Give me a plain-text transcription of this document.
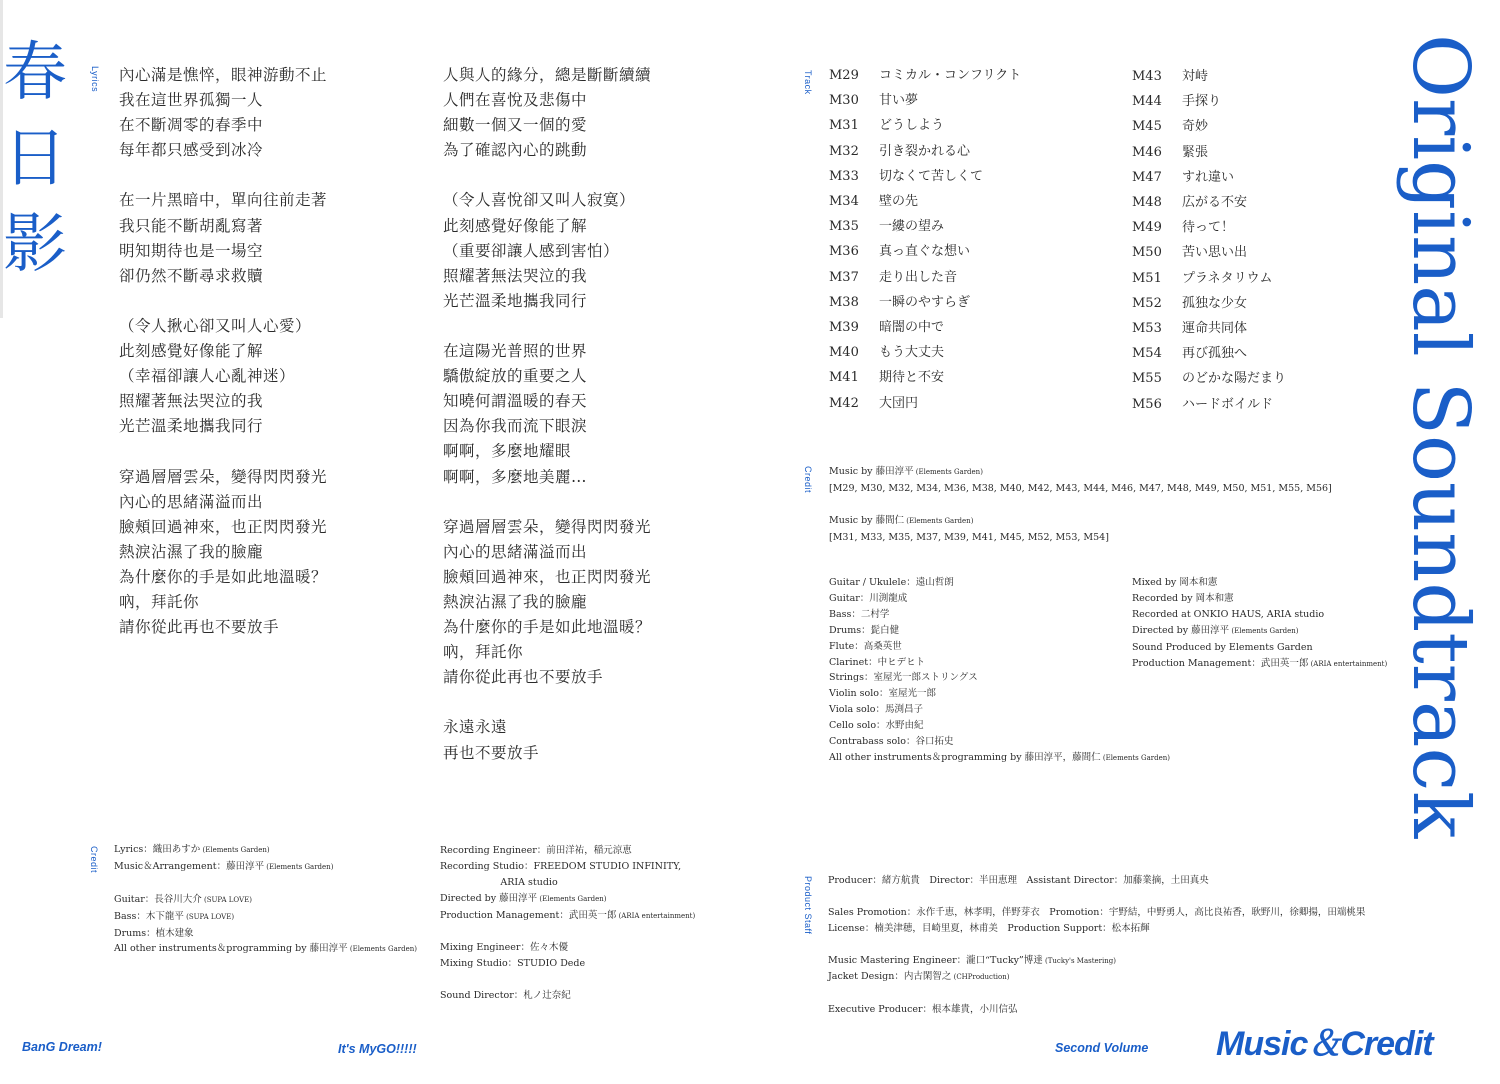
春日影
Lyrics 內心滿是憔悴，眼神游動不止
我在這世界孤獨一人
在不斷凋零的春季中
每年都只感受到冰冷

在一片黑暗中，單向往前走著
我只能不斷胡亂寫著
明知期待也是一場空
卻仍然不斷尋求救贖

（令人揪心卻又叫人心愛）
此刻感覺好像能了解
（幸福卻讓人心亂神迷）
照耀著無法哭泣的我
光芒溫柔地攜我同行

穿過層層雲朵，變得閃閃發光
內心的思緒滿溢而出
臉頰回過神來，也正閃閃發光
熱淚沾濕了我的臉龐
為什麼你的手是如此地溫暖？
吶，拜託你
請你從此再也不要放手
人與人的緣分，總是斷斷續續
人們在喜悅及悲傷中
細數一個又一個的愛
為了確認內心的跳動

（令人喜悅卻又叫人寂寞）
此刻感覺好像能了解
（重要卻讓人感到害怕）
照耀著無法哭泣的我
光芒溫柔地攜我同行

在這陽光普照的世界
驕傲綻放的重要之人
知曉何謂溫暖的春天
因為你我而流下眼淚
啊啊，多麼地耀眼
啊啊，多麼地美麗…

穿過層層雲朵，變得閃閃發光
內心的思緒滿溢而出
臉頰回過神來，也正閃閃發光
熱淚沾濕了我的臉龐
為什麼你的手是如此地溫暖？
吶，拜託你
請你從此再也不要放手

永遠永遠
再也不要放手
Credit Lyrics：織田あすか (Elements Garden)
Music＆Arrangement：藤田淳平 (Elements Garden)

Guitar：長谷川大介 (SUPA LOVE)
Bass：木下龍平 (SUPA LOVE)
Drums：植木建象
All other instruments＆programming by 藤田淳平 (Elements Garden)
Recording Engineer：前田洋祐，稲元涼恵
Recording Studio：FREEDOM STUDIO INFINITY,
ARIA studio
Directed by 藤田淳平 (Elements Garden)
Production Management：武田英一郎 (ARIA entertainment)

Mixing Engineer：佐々木優
Mixing Studio：STUDIO Dede

Sound Director：札ノ辻奈紀
Track M29	コミカル・コンフリクト
M30	甘い夢
M31	どうしよう
M32	引き裂かれる心
M33	切なくて苦しくて
M34	壁の先
M35	一縷の望み
M36	真っ直ぐな想い
M37	走り出した音
M38	一瞬のやすらぎ
M39	暗闇の中で
M40	もう大丈夫
M41	期待と不安
M42	大団円
M43	対峙
M44	手探り
M45	奇妙
M46	緊張
M47	すれ違い
M48	広がる不安
M49	待って！
M50	苦い思い出
M51	プラネタリウム
M52	孤独な少女
M53	運命共同体
M54	再び孤独へ
M55	のどかな陽だまり
M56	ハードボイルド
Credit Music by 藤田淳平 (Elements Garden)
[M29, M30, M32, M34, M36, M38, M40, M42, M43, M44, M46, M47, M48, M49, M50, M51, M55, M56]

Music by 藤間仁 (Elements Garden)
[M31, M33, M35, M37, M39, M41, M45, M52, M53, M54]
Guitar / Ukulele：遠山哲朗
Guitar：川渕龍成
Bass：二村学
Drums：髭白健
Flute：高桑英世
Clarinet：中ヒデヒト
Strings：室屋光一郎ストリングス
Violin solo：室屋光一郎
Viola solo：馬渕昌子
Cello solo：水野由紀
Contrabass solo：谷口拓史
All other instruments＆programming by 藤田淳平，藤間仁 (Elements Garden)
Mixed by 岡本和憲
Recorded by 岡本和憲
Recorded at ONKIO HAUS, ARIA studio
Directed by 藤田淳平 (Elements Garden)
Sound Produced by Elements Garden
Production Management：武田英一郎 (ARIA entertainment)
Product Staff Producer：緒方航貴　Director：半田恵理　Assistant Director：加藤業摘，土田真央

Sales Promotion：永作千恵，林孝明，伴野芽衣　Promotion：宇野結，中野勇人，高比良祐香，耿野川，徐卿揚，田端桃果
License：楠美津穂，目崎里夏，林甫美　Production Support：松本拓輝

Music Mastering Engineer：瀧口“Tucky”博達 (Tucky's Mastering)
Jacket Design：内古閑智之 (CHProduction)

Executive Producer：根本雄貴，小川信弘
Original Soundtrack
BanG Dream!	It's MyGO!!!!!	Second Volume Music＆Credit
